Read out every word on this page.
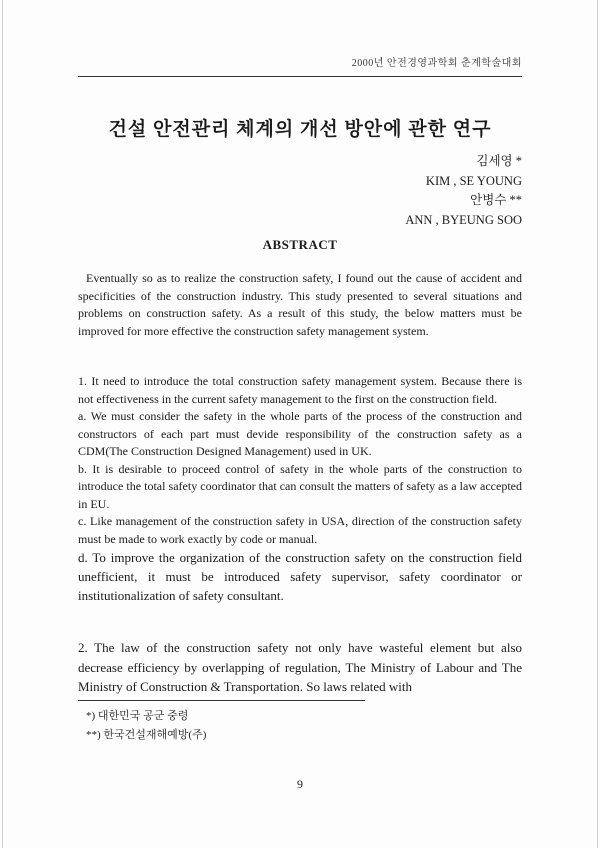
2000년 안전경영과학회 춘계학술대회
건설 안전관리 체계의 개선 방안에 관한 연구
김세영 *
KIM , SE YOUNG
안병수 **
ANN , BYEUNG SOO
ABSTRACT

Eventually so as to realize the construction safety, I found out the cause of accident and specificities of the construction industry. This study presented to several situations and problems on construction safety. As a result of this study, the below matters must be improved for more effective the construction safety management system.

1. It need to introduce the total construction safety management system. Because there is not effectiveness in the current safety management to the first on the construction field.

a. We must consider the safety in the whole parts of the process of the construction and constructors of each part must devide responsibility of the construction safety as a CDM(The Construction Designed Management) used in UK.

b. It is desirable to proceed control of safety in the whole parts of the construction to introduce the total safety coordinator that can consult the matters of safety as a law accepted in EU.

c. Like management of the construction safety in USA, direction of the construction safety must be made to work exactly by code or manual.

d. To improve the organization of the construction safety on the construction field unefficient, it must be introduced safety supervisor, safety coordinator or institutionalization of safety consultant.

2. The law of the construction safety not only have wasteful element but also decrease efficiency by overlapping of regulation, The Ministry of Labour and The Ministry of Construction & Transportation. So laws related with

*) 대한민국 공군 중령
**) 한국건설재해예방(주)
9
